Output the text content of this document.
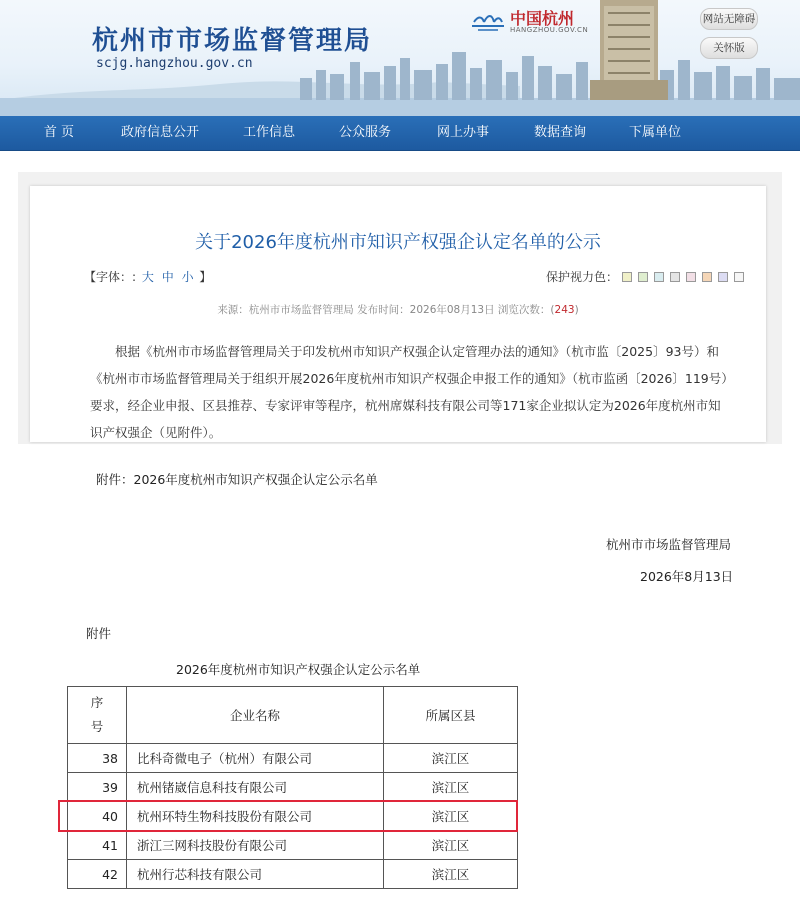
杭州市市场监督管理局
scjg.hangzhou.gov.cn
中国杭州
HANGZHOU.GOV.CN
网站无障碍
关怀版
首 页	政府信息公开	工作信息	公众服务	网上办事	数据查询	下属单位
关于2026年度杭州市知识产权强企认定名单的公示
【字体：: 大 中 小 】	保护视力色：
来源：杭州市市场监督管理局 发布时间：2026年08月13日 浏览次数：(243)

根据《杭州市市场监督管理局关于印发杭州市知识产权强企认定管理办法的通知》（杭市监〔2025〕93号）和《杭州市市场监督管理局关于组织开展2026年度杭州市知识产权强企申报工作的通知》（杭市监函〔2026〕119号）要求，经企业申报、区县推荐、专家评审等程序，杭州席媒科技有限公司等171家企业拟认定为2026年度杭州市知识产权强企（见附件）。

附件：2026年度杭州市知识产权强企认定公示名单
杭州市市场监督管理局
2026年8月13日
附件
2026年度杭州市知识产权强企认定公示名单
序
号	企业名称	所属区县
38	比科奇微电子（杭州）有限公司	滨江区
39	杭州锗崴信息科技有限公司	滨江区
40	杭州环特生物科技股份有限公司	滨江区
41	浙江三网科技股份有限公司	滨江区
42	杭州行芯科技有限公司	滨江区
